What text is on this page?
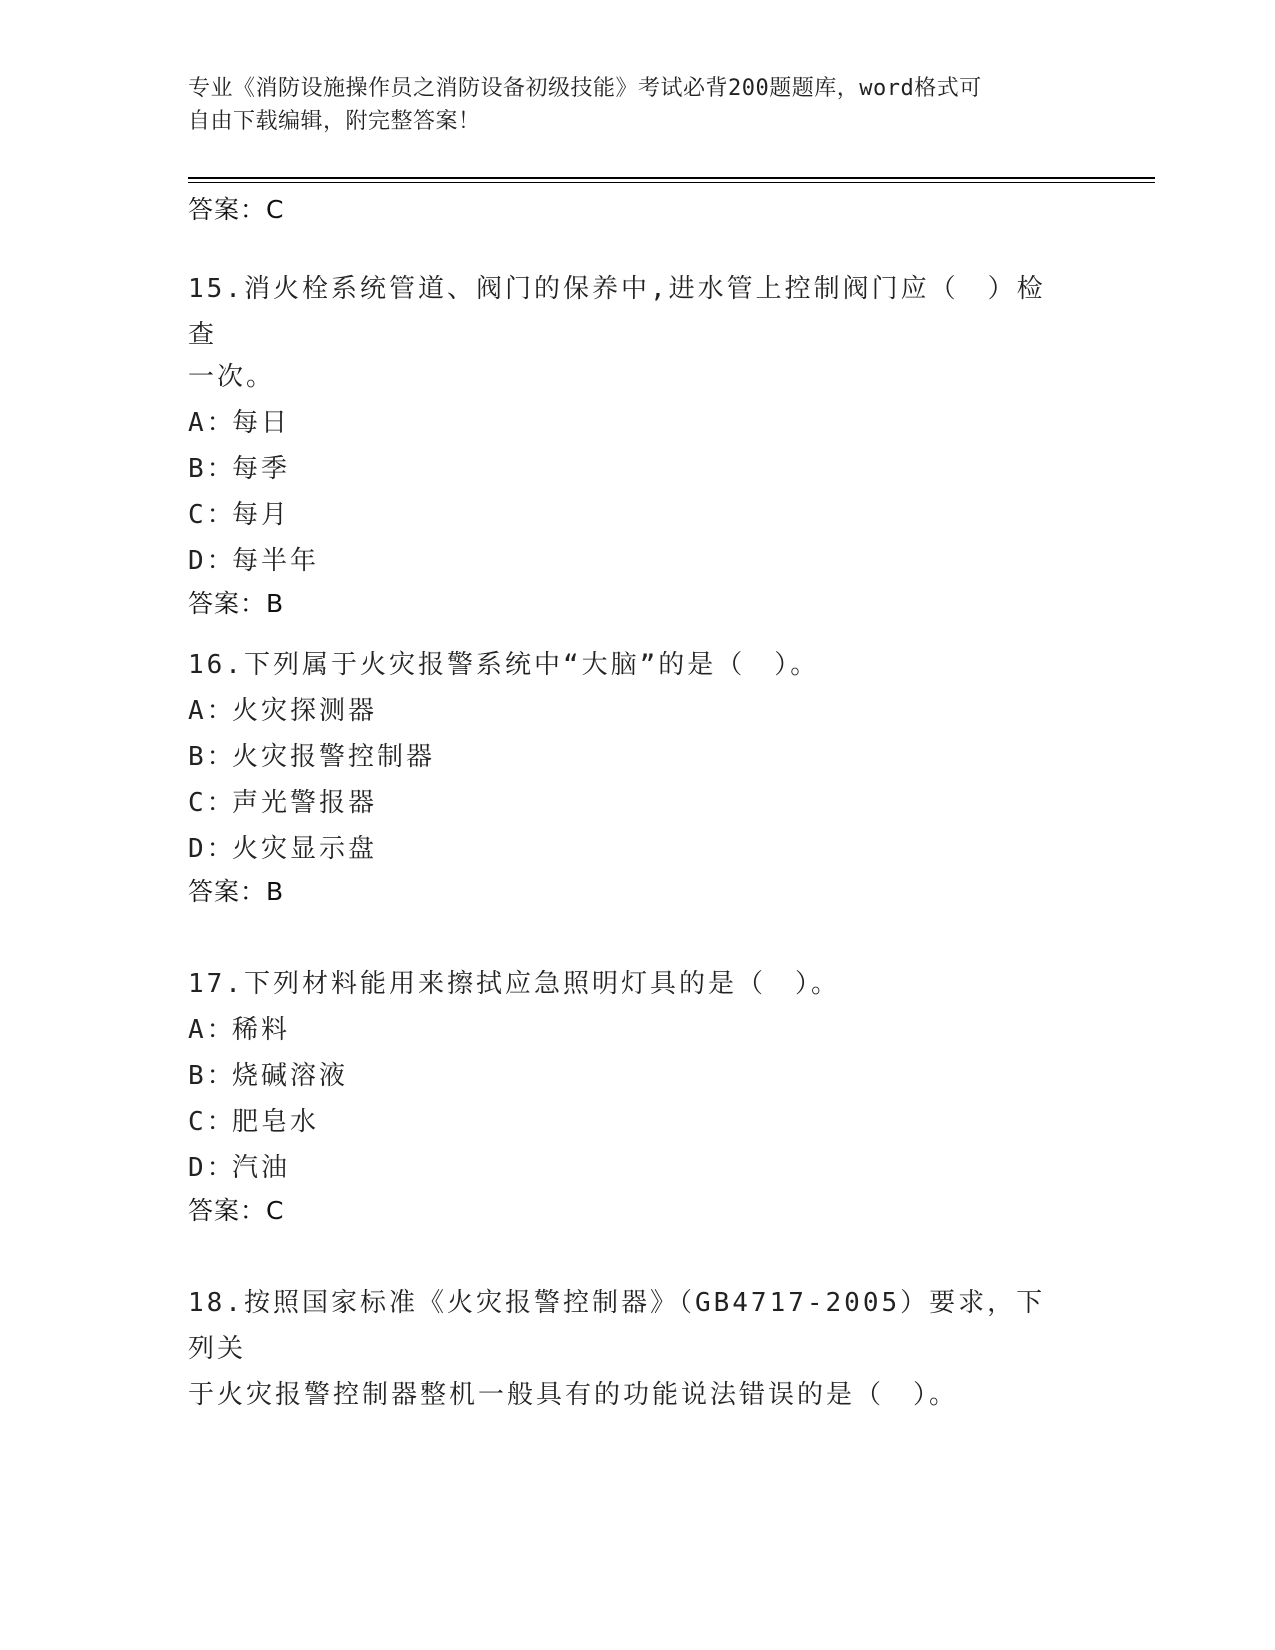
专业《消防设施操作员之消防设备初级技能》考试必背200题题库，word格式可
自由下载编辑，附完整答案！

答案：C

15.消火栓系统管道、阀门的保养中,进水管上控制阀门应（　）检查

一次。

A：每日

B：每季

C：每月

D：每半年

答案：B

16.下列属于火灾报警系统中“大脑”的是（　）。

A：火灾探测器

B：火灾报警控制器

C：声光警报器

D：火灾显示盘

答案：B

17.下列材料能用来擦拭应急照明灯具的是（　）。

A：稀料

B：烧碱溶液

C：肥皂水

D：汽油

答案：C

18.按照国家标准《火灾报警控制器》（GB4717-2005）要求，下列关

于火灾报警控制器整机一般具有的功能说法错误的是（　）。
